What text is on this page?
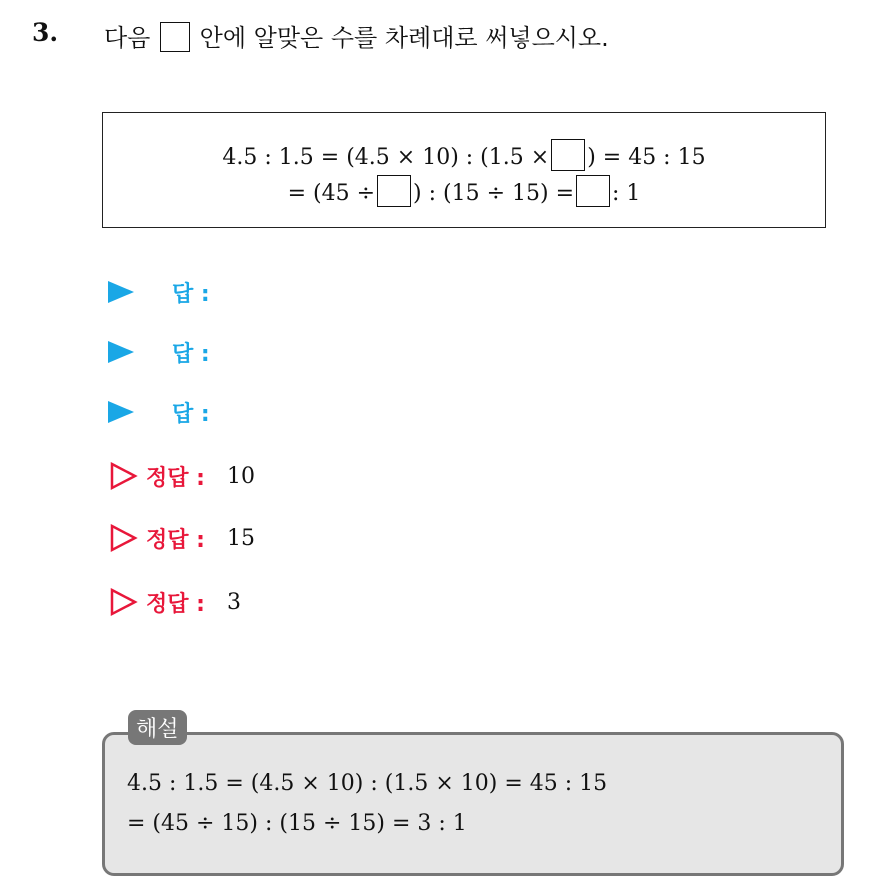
3. 다음 안에 알맞은 수를 차례대로 써넣으시오.
4.5 : 1.5 = (4.5 × 10) : (1.5 × ) = 45 : 15
= (45 ÷ ) : (15 ÷ 15) = : 1
답 :
답 :
답 :
정답 : 10
정답 : 15
정답 : 3
4.5 : 1.5 = (4.5 × 10) : (1.5 × 10) = 45 : 15
= (45 ÷ 15) : (15 ÷ 15) = 3 : 1
해설
